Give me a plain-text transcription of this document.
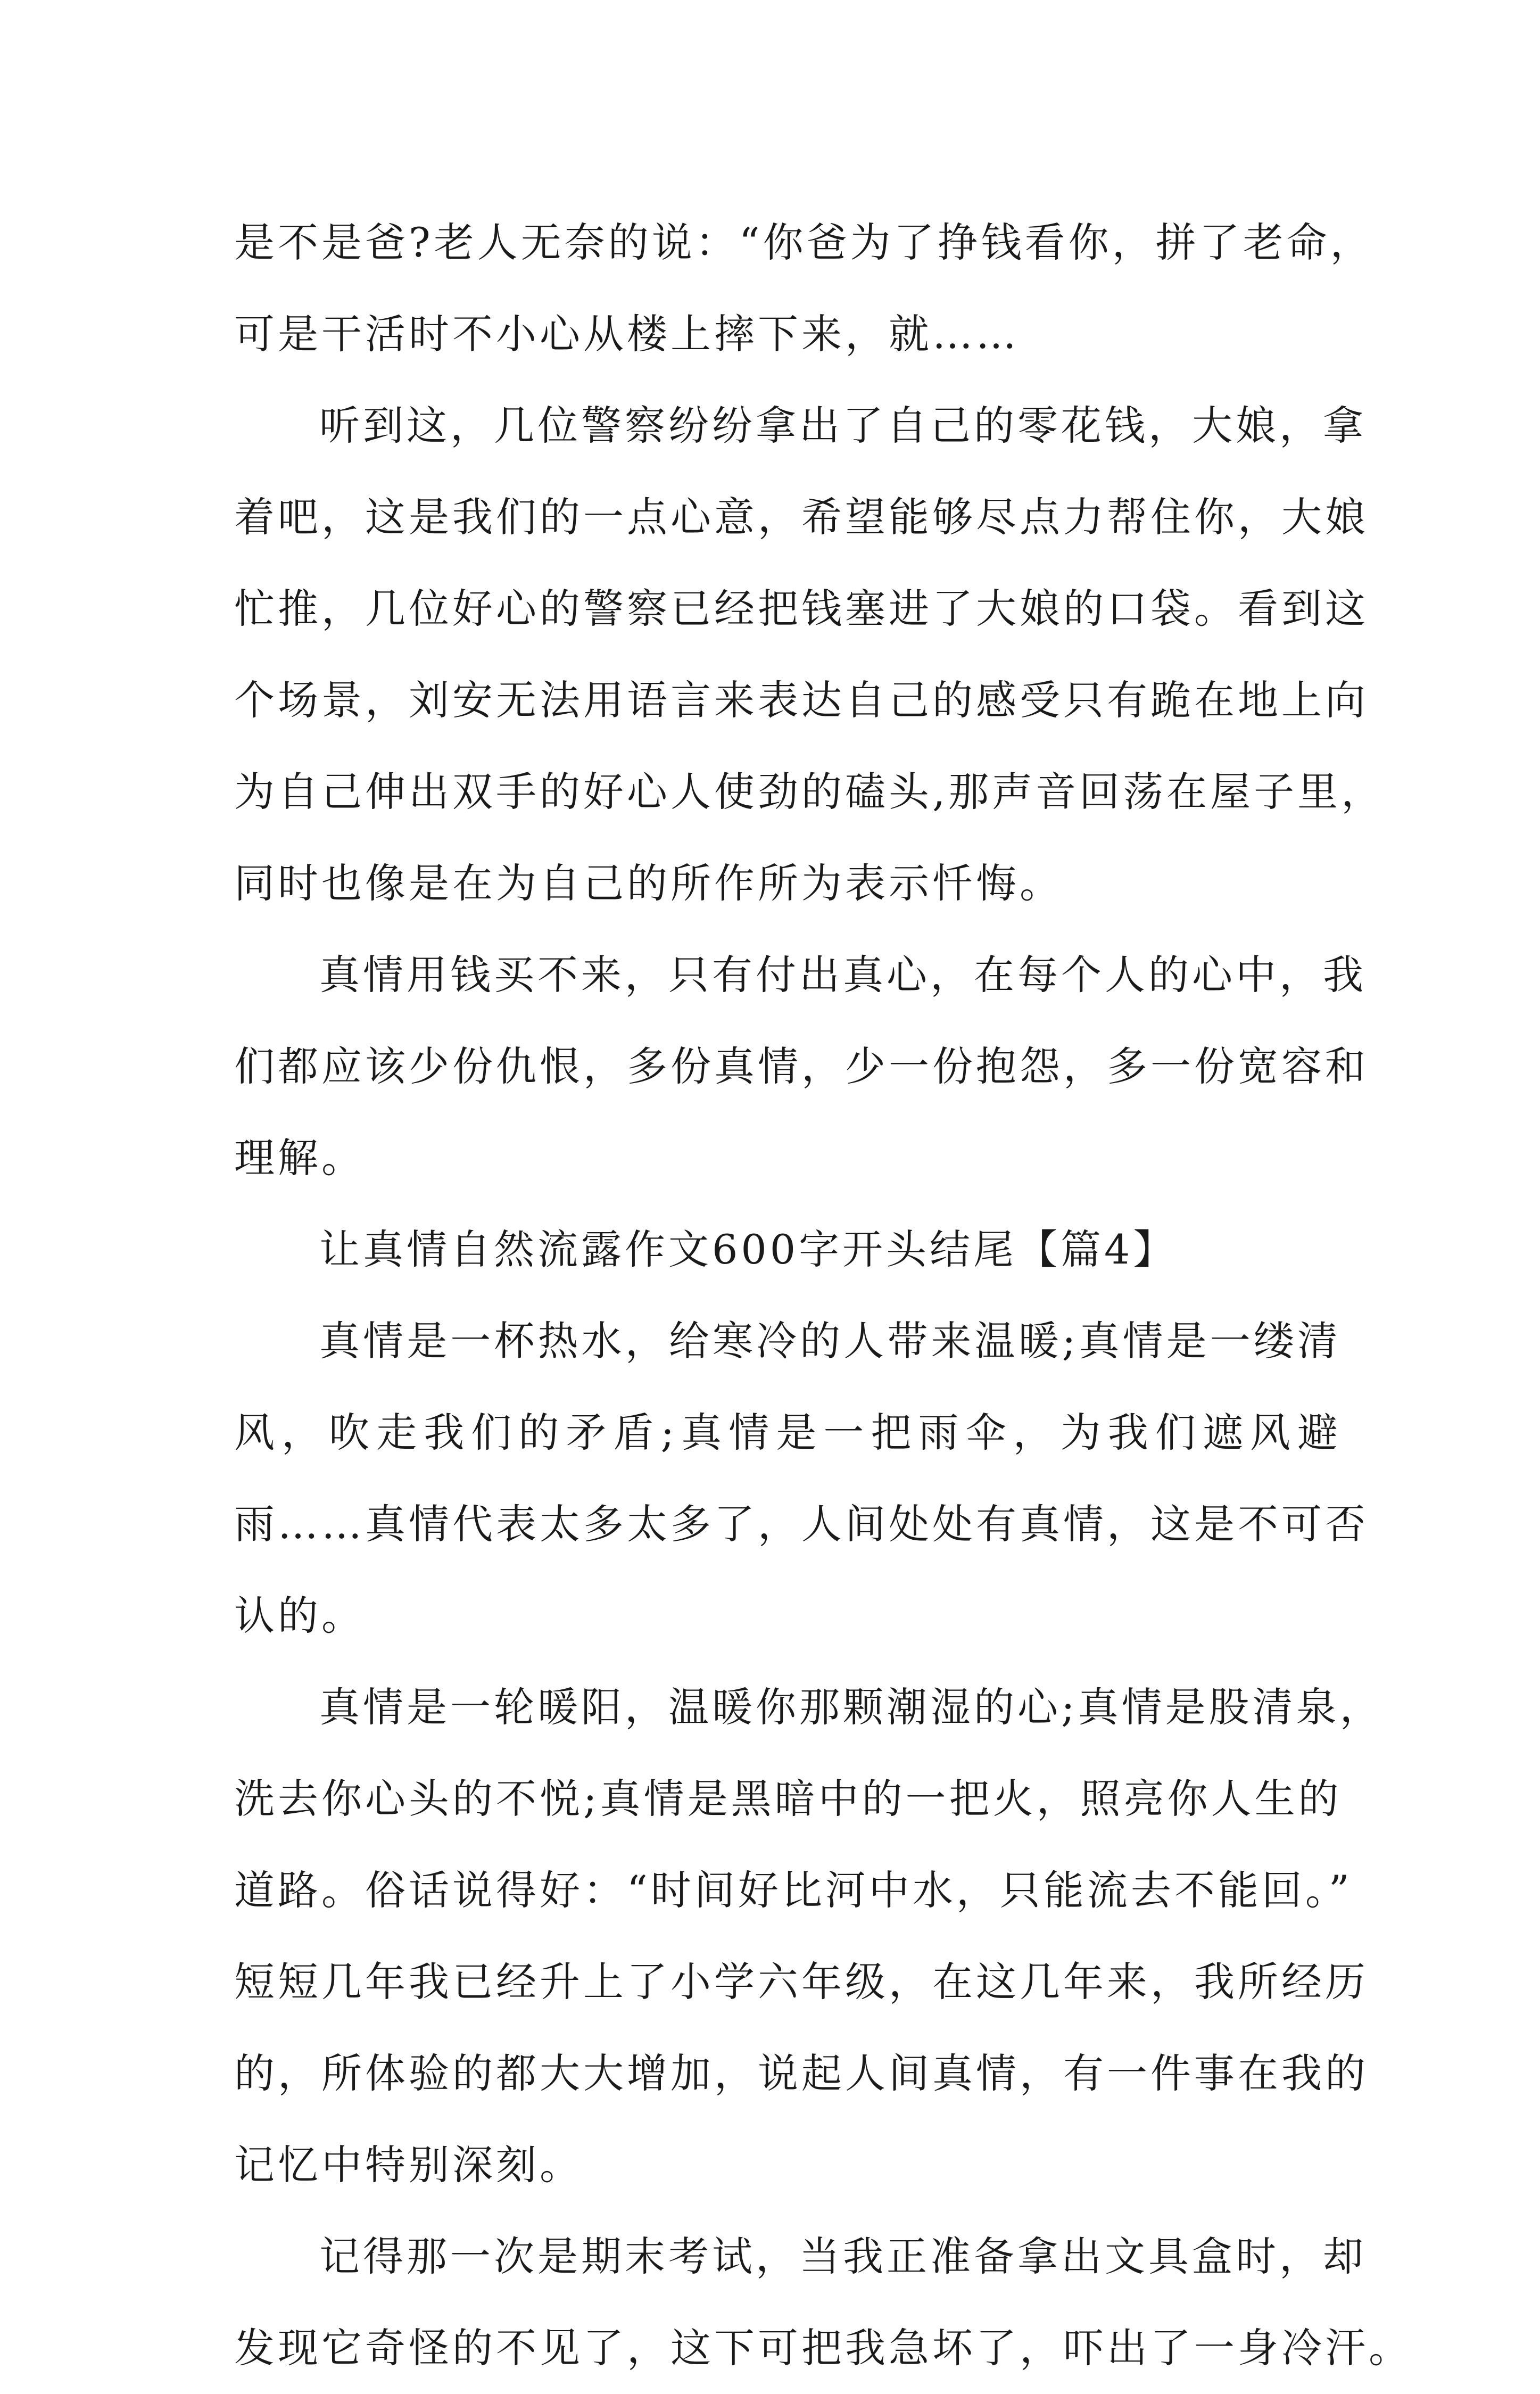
是不是爸?老人无奈的说：“你爸为了挣钱看你，拼了老命，
可是干活时不小心从楼上摔下来，就……
听到这，几位警察纷纷拿出了自己的零花钱，大娘，拿
着吧，这是我们的一点心意，希望能够尽点力帮住你，大娘
忙推，几位好心的警察已经把钱塞进了大娘的口袋。看到这
个场景，刘安无法用语言来表达自己的感受只有跪在地上向
为自己伸出双手的好心人使劲的磕头,那声音回荡在屋子里，
同时也像是在为自己的所作所为表示忏悔。
真情用钱买不来，只有付出真心，在每个人的心中，我
们都应该少份仇恨，多份真情，少一份抱怨，多一份宽容和
理解。
让真情自然流露作文600字开头结尾【篇4】
真情是一杯热水，给寒冷的人带来温暖;真情是一缕清
风，吹走我们的矛盾;真情是一把雨伞，为我们遮风避
雨……真情代表太多太多了，人间处处有真情，这是不可否
认的。
真情是一轮暖阳，温暖你那颗潮湿的心;真情是股清泉，
洗去你心头的不悦;真情是黑暗中的一把火，照亮你人生的
道路。俗话说得好：“时间好比河中水，只能流去不能回。”
短短几年我已经升上了小学六年级，在这几年来，我所经历
的，所体验的都大大增加，说起人间真情，有一件事在我的
记忆中特别深刻。
记得那一次是期末考试，当我正准备拿出文具盒时，却
发现它奇怪的不见了，这下可把我急坏了，吓出了一身冷汗。
